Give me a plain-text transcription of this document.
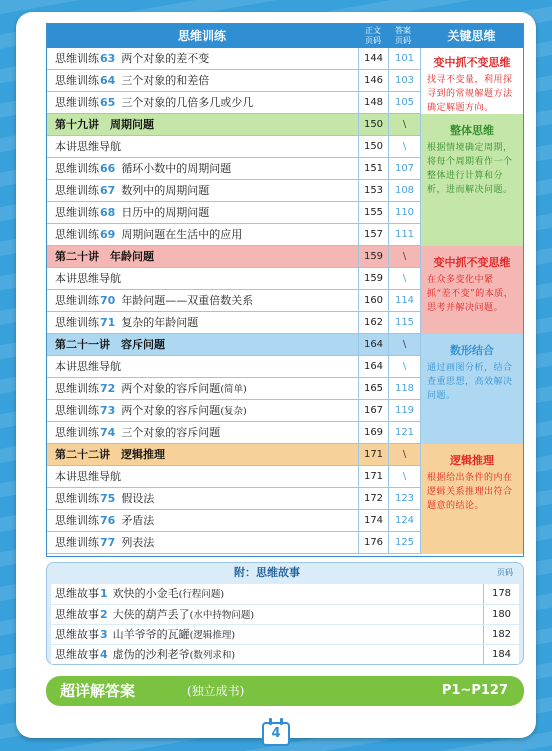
思维训练	正文
页码
答案
页码	关键思维
思维训练63 两个对象的差不变	144	101
思维训练64 三个对象的和差倍	146	103
思维训练65 三个对象的几倍多几或少几	148	105
变中抓不变思维
找寻不变量，利用探寻到的常规解题方法确定解题方向。
第十九讲　周期问题	150	\
本讲思维导航	150	\
思维训练66 循环小数中的周期问题	151	107
思维训练67 数列中的周期问题	153	108
思维训练68 日历中的周期问题	155	110
思维训练69 周期问题在生活中的应用	157	111
整体思维
根据情境确定周期，将每个周期看作一个整体进行计算和分析，进而解决问题。
第二十讲　年龄问题	159	\
本讲思维导航	159	\
思维训练70 年龄问题——双重倍数关系	160	114
思维训练71 复杂的年龄问题	162	115
变中抓不变思维
在众多变化中紧抓“差不变”的本质，思考并解决问题。
第二十一讲　容斥问题	164	\
本讲思维导航	164	\
思维训练72 两个对象的容斥问题(简单)	165	118
思维训练73 两个对象的容斥问题(复杂)	167	119
思维训练74 三个对象的容斥问题	169	121
数形结合
通过画图分析，结合查重思想，高效解决问题。
第二十二讲　逻辑推理	171	\
本讲思维导航	171	\
思维训练75 假设法	172	123
思维训练76 矛盾法	174	124
思维训练77 列表法	176	125
逻辑推理
根据给出条件的内在逻辑关系推理出符合题意的结论。
附：思维故事	页码
思维故事1 欢快的小金毛(行程问题)	178
思维故事2 大侠的葫芦丢了(水中持物问题)	180
思维故事3 山羊爷爷的瓦罐(逻辑推理)	182
思维故事4 虚伪的沙利老爷(数列求和)	184
超详解答案	(独立成书)	P1~P127
4
